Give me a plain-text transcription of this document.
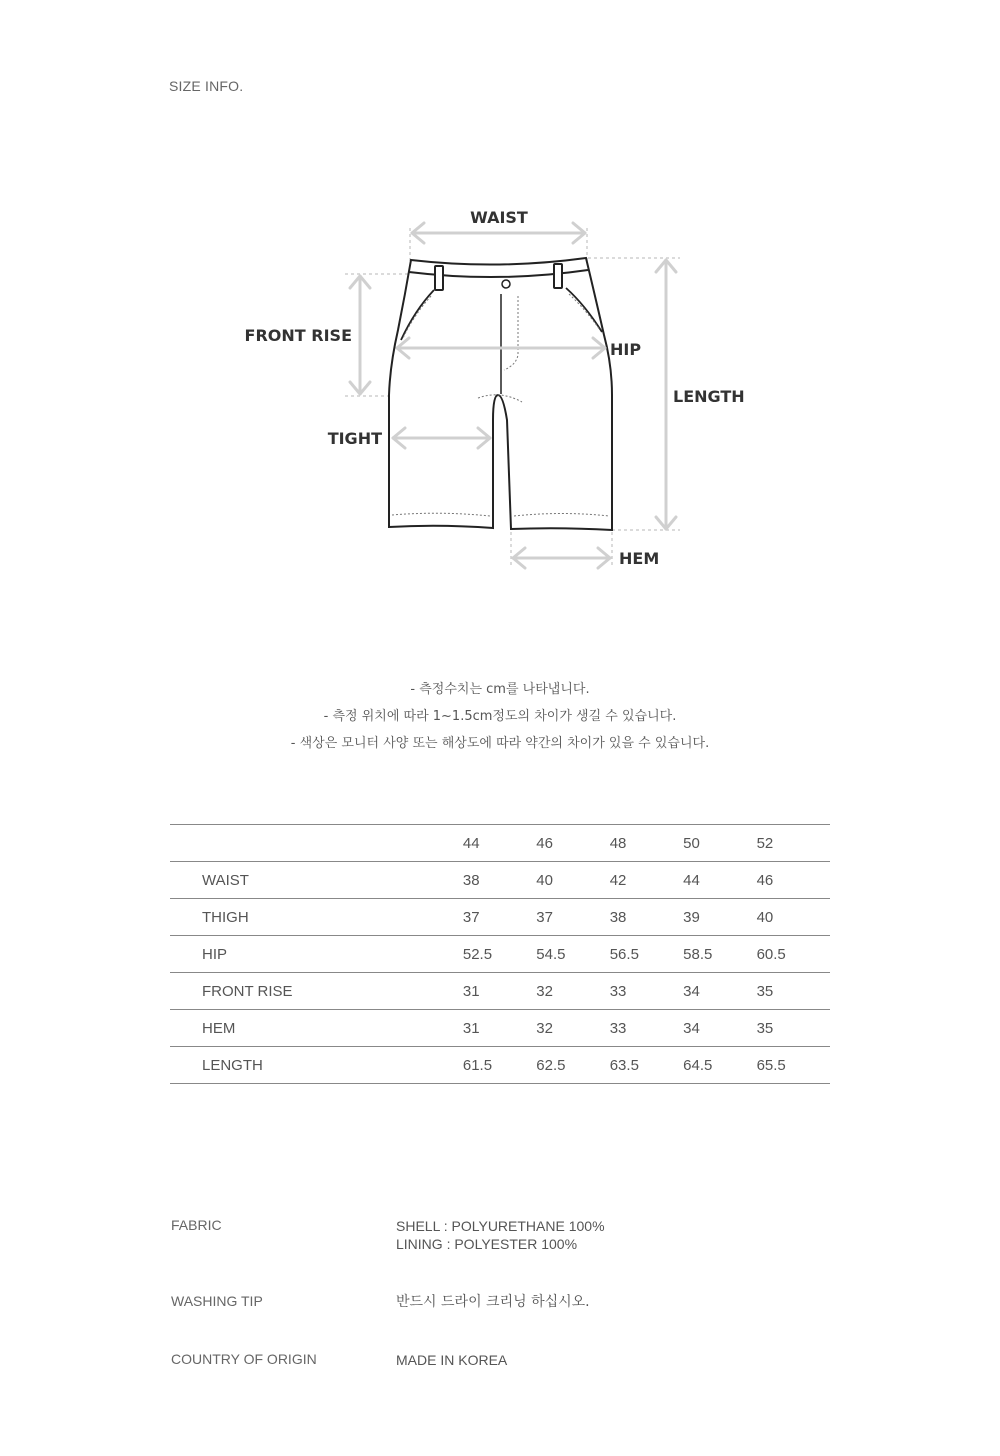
SIZE INFO.
WAIST
FRONT RISE
HIP
LENGTH
TIGHT
HEM
- 측정수치는 cm를 나타냅니다.
- 측정 위치에 따라 1~1.5cm정도의 차이가 생길 수 있습니다.
- 색상은 모니터 사양 또는 해상도에 따라 약간의 차이가 있을 수 있습니다.
	44	46	48	50	52
WAIST	38	40	42	44	46
THIGH	37	37	38	39	40
HIP	52.5	54.5	56.5	58.5	60.5
FRONT RISE	31	32	33	34	35
HEM	31	32	33	34	35
LENGTH	61.5	62.5	63.5	64.5	65.5
FABRIC	SHELL : POLYURETHANE 100%
LINING : POLYESTER 100%
WASHING TIP	반드시 드라이 크리닝 하십시오.
COUNTRY OF ORIGIN	MADE IN KOREA
